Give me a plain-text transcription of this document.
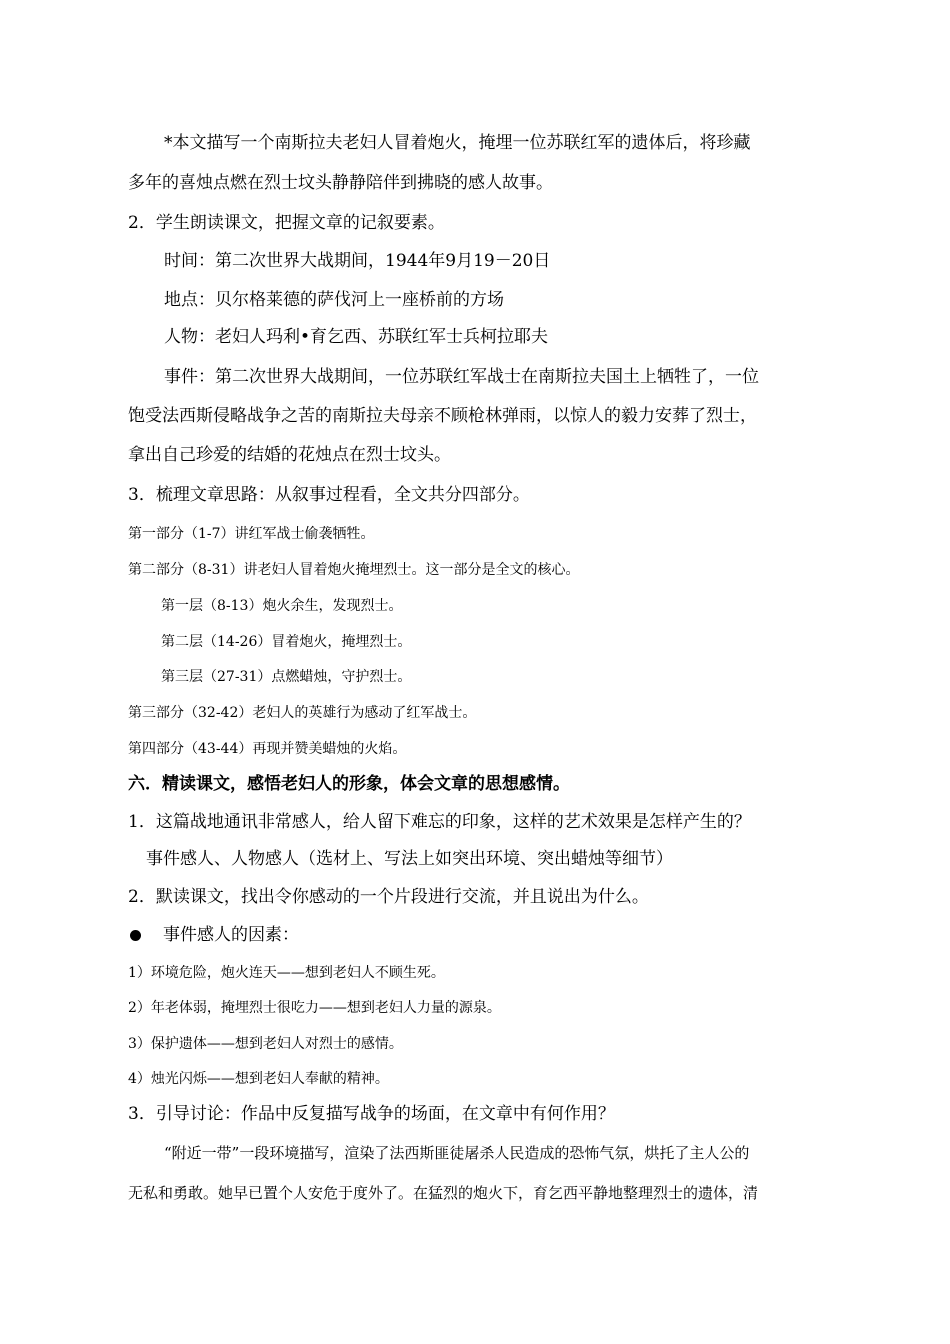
*本文描写一个南斯拉夫老妇人冒着炮火，掩埋一位苏联红军的遗体后，将珍藏
多年的喜烛点燃在烈士坟头静静陪伴到拂晓的感人故事。
2．学生朗读课文，把握文章的记叙要素。
时间：第二次世界大战期间，1944年9月19－20日
地点：贝尔格莱德的萨伐河上一座桥前的方场
人物：老妇人玛利•育乞西、苏联红军士兵柯拉耶夫
事件：第二次世界大战期间，一位苏联红军战士在南斯拉夫国土上牺牲了，一位
饱受法西斯侵略战争之苦的南斯拉夫母亲不顾枪林弹雨，以惊人的毅力安葬了烈士，
拿出自己珍爱的结婚的花烛点在烈士坟头。
3．梳理文章思路：从叙事过程看，全文共分四部分。
第一部分（1-7）讲红军战士偷袭牺牲。
第二部分（8-31）讲老妇人冒着炮火掩埋烈士。这一部分是全文的核心。
第一层（8-13）炮火余生，发现烈士。
第二层（14-26）冒着炮火，掩埋烈士。
第三层（27-31）点燃蜡烛，守护烈士。
第三部分（32-42）老妇人的英雄行为感动了红军战士。
第四部分（43-44）再现并赞美蜡烛的火焰。
六．精读课文，感悟老妇人的形象，体会文章的思想感情。
1．这篇战地通讯非常感人，给人留下难忘的印象，这样的艺术效果是怎样产生的？
事件感人、人物感人（选材上、写法上如突出环境、突出蜡烛等细节）
2．默读课文，找出令你感动的一个片段进行交流，并且说出为什么。
事件感人的因素：
1）环境危险，炮火连天——想到老妇人不顾生死。
2）年老体弱，掩埋烈士很吃力——想到老妇人力量的源泉。
3）保护遗体——想到老妇人对烈士的感情。
4）烛光闪烁——想到老妇人奉献的精神。
3．引导讨论：作品中反复描写战争的场面，在文章中有何作用？
“附近一带”一段环境描写，渲染了法西斯匪徒屠杀人民造成的恐怖气氛，烘托了主人公的
无私和勇敢。她早已置个人安危于度外了。在猛烈的炮火下，育乞西平静地整理烈士的遗体，清
